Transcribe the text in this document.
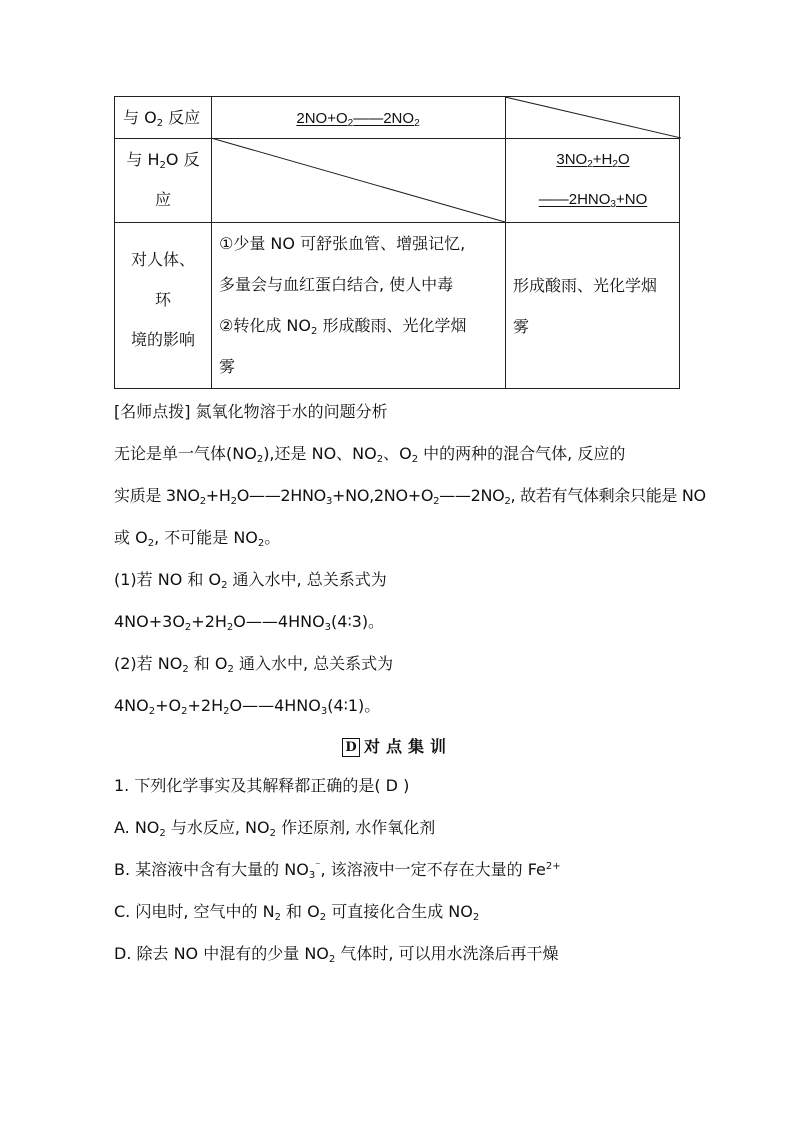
与 $O_2$ 反应	$2NO+O_2——2NO_2$
与 $H_2O$ 反
应
$3NO_2+H_2O$
$——2HNO_3+NO$
对人体、
环
境的影响
①少量 NO 可舒张血管、增强记忆,
多量会与血红蛋白结合, 使人中毒
②转化成 $NO_2$ 形成酸雨、光化学烟
雾
形成酸雨、光化学烟
雾
[名师点拨] 氮氧化物溶于水的问题分析
无论是单一气体$(NO_2)$,还是 NO、$NO_2$、$O_2$ 中的两种的混合气体, 反应的
实质是 $3NO_2+H_2O——2HNO_3+NO,2NO+O_2——2NO_2$, 故若有气体剩余只能是 NO
或 $O_2$, 不可能是 $NO_2$。
(1)若 NO 和 $O_2$ 通入水中, 总关系式为
$4NO+3O_2+2H_2O——4HNO_3(4∶3)$。
(2)若 $NO_2$ 和 $O_2$ 通入水中, 总关系式为
$4NO_2+O_2+2H_2O——4HNO_3(4∶1)$。
D 对点集训
1. 下列化学事实及其解释都正确的是( D )
A. $NO_2$ 与水反应, $NO_2$ 作还原剂, 水作氧化剂
B. 某溶液中含有大量的 $NO_3^{^-}$, 该溶液中一定不存在大量的 $Fe^{2+}$
C. 闪电时, 空气中的 $N_2$ 和 $O_2$ 可直接化合生成 $NO_2$
D. 除去 NO 中混有的少量 $NO_2$ 气体时, 可以用水洗涤后再干燥
